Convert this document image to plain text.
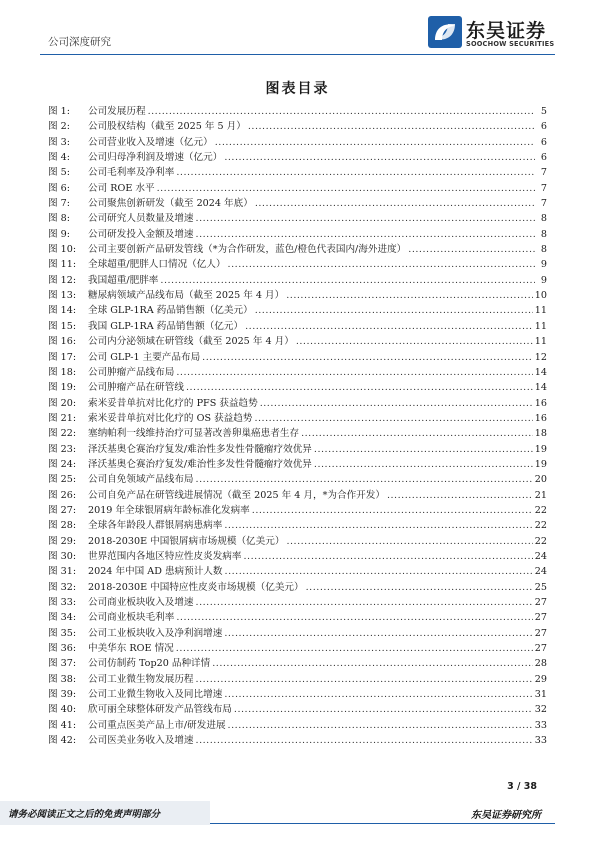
公司深度研究	东吴证券
SOOCHOW SECURITIES
图表目录
图 1:	公司发展历程 .....	5
图 2:	公司股权结构（截至 2025 年 5 月） .....	6
图 3:	公司营业收入及增速（亿元） .....	6
图 4:	公司归母净利润及增速（亿元） .....	6
图 5:	公司毛利率及净利率 .....	7
图 6:	公司 ROE 水平 .....	7
图 7:	公司聚焦创新研发（截至 2024 年底） .....	7
图 8:	公司研究人员数量及增速 .....	8
图 9:	公司研发投入金额及增速 .....	8
图 10:	公司主要创新产品研发管线（*为合作研发，蓝色/橙色代表国内/海外进度） .....	8
图 11:	全球超重/肥胖人口情况（亿人） .....	9
图 12:	我国超重/肥胖率 .....	9
图 13:	糖尿病领域产品线布局（截至 2025 年 4 月） .....	10
图 14:	全球 GLP-1RA 药品销售额（亿美元） .....	11
图 15:	我国 GLP-1RA 药品销售额（亿元） .....	11
图 16:	公司内分泌领域在研管线（截至 2025 年 4 月） .....	11
图 17:	公司 GLP-1 主要产品布局 .....	12
图 18:	公司肿瘤产品线布局 .....	14
图 19:	公司肿瘤产品在研管线 .....	14
图 20:	索米妥昔单抗对比化疗的 PFS 获益趋势 .....	16
图 21:	索米妥昔单抗对比化疗的 OS 获益趋势 .....	16
图 22:	塞纳帕利一线维持治疗可显著改善卵巢癌患者生存 .....	18
图 23:	泽沃基奥仑赛治疗复发/难治性多发性骨髓瘤疗效优异 .....	19
图 24:	泽沃基奥仑赛治疗复发/难治性多发性骨髓瘤疗效优异 .....	19
图 25:	公司自免领域产品线布局 .....	20
图 26:	公司自免产品在研管线进展情况（截至 2025 年 4 月，*为合作开发） .....	21
图 27:	2019 年全球银屑病年龄标准化发病率 .....	22
图 28:	全球各年龄段人群银屑病患病率 .....	22
图 29:	2018-2030E 中国银屑病市场规模（亿美元） .....	22
图 30:	世界范围内各地区特应性皮炎发病率 .....	24
图 31:	2024 年中国 AD 患病预计人数 .....	24
图 32:	2018-2030E 中国特应性皮炎市场规模（亿美元） .....	25
图 33:	公司商业板块收入及增速 .....	27
图 34:	公司商业板块毛利率 .....	27
图 35:	公司工业板块收入及净利润增速 .....	27
图 36:	中美华东 ROE 情况 .....	27
图 37:	公司仿制药 Top20 品种详情 .....	28
图 38:	公司工业微生物发展历程 .....	29
图 39:	公司工业微生物收入及同比增速 .....	31
图 40:	欣可丽全球整体研发产品管线布局 .....	32
图 41:	公司重点医美产品上市/研发进展 .....	33
图 42:	公司医美业务收入及增速 .....	33
3 / 38
请务必阅读正文之后的免责声明部分	东吴证券研究所
